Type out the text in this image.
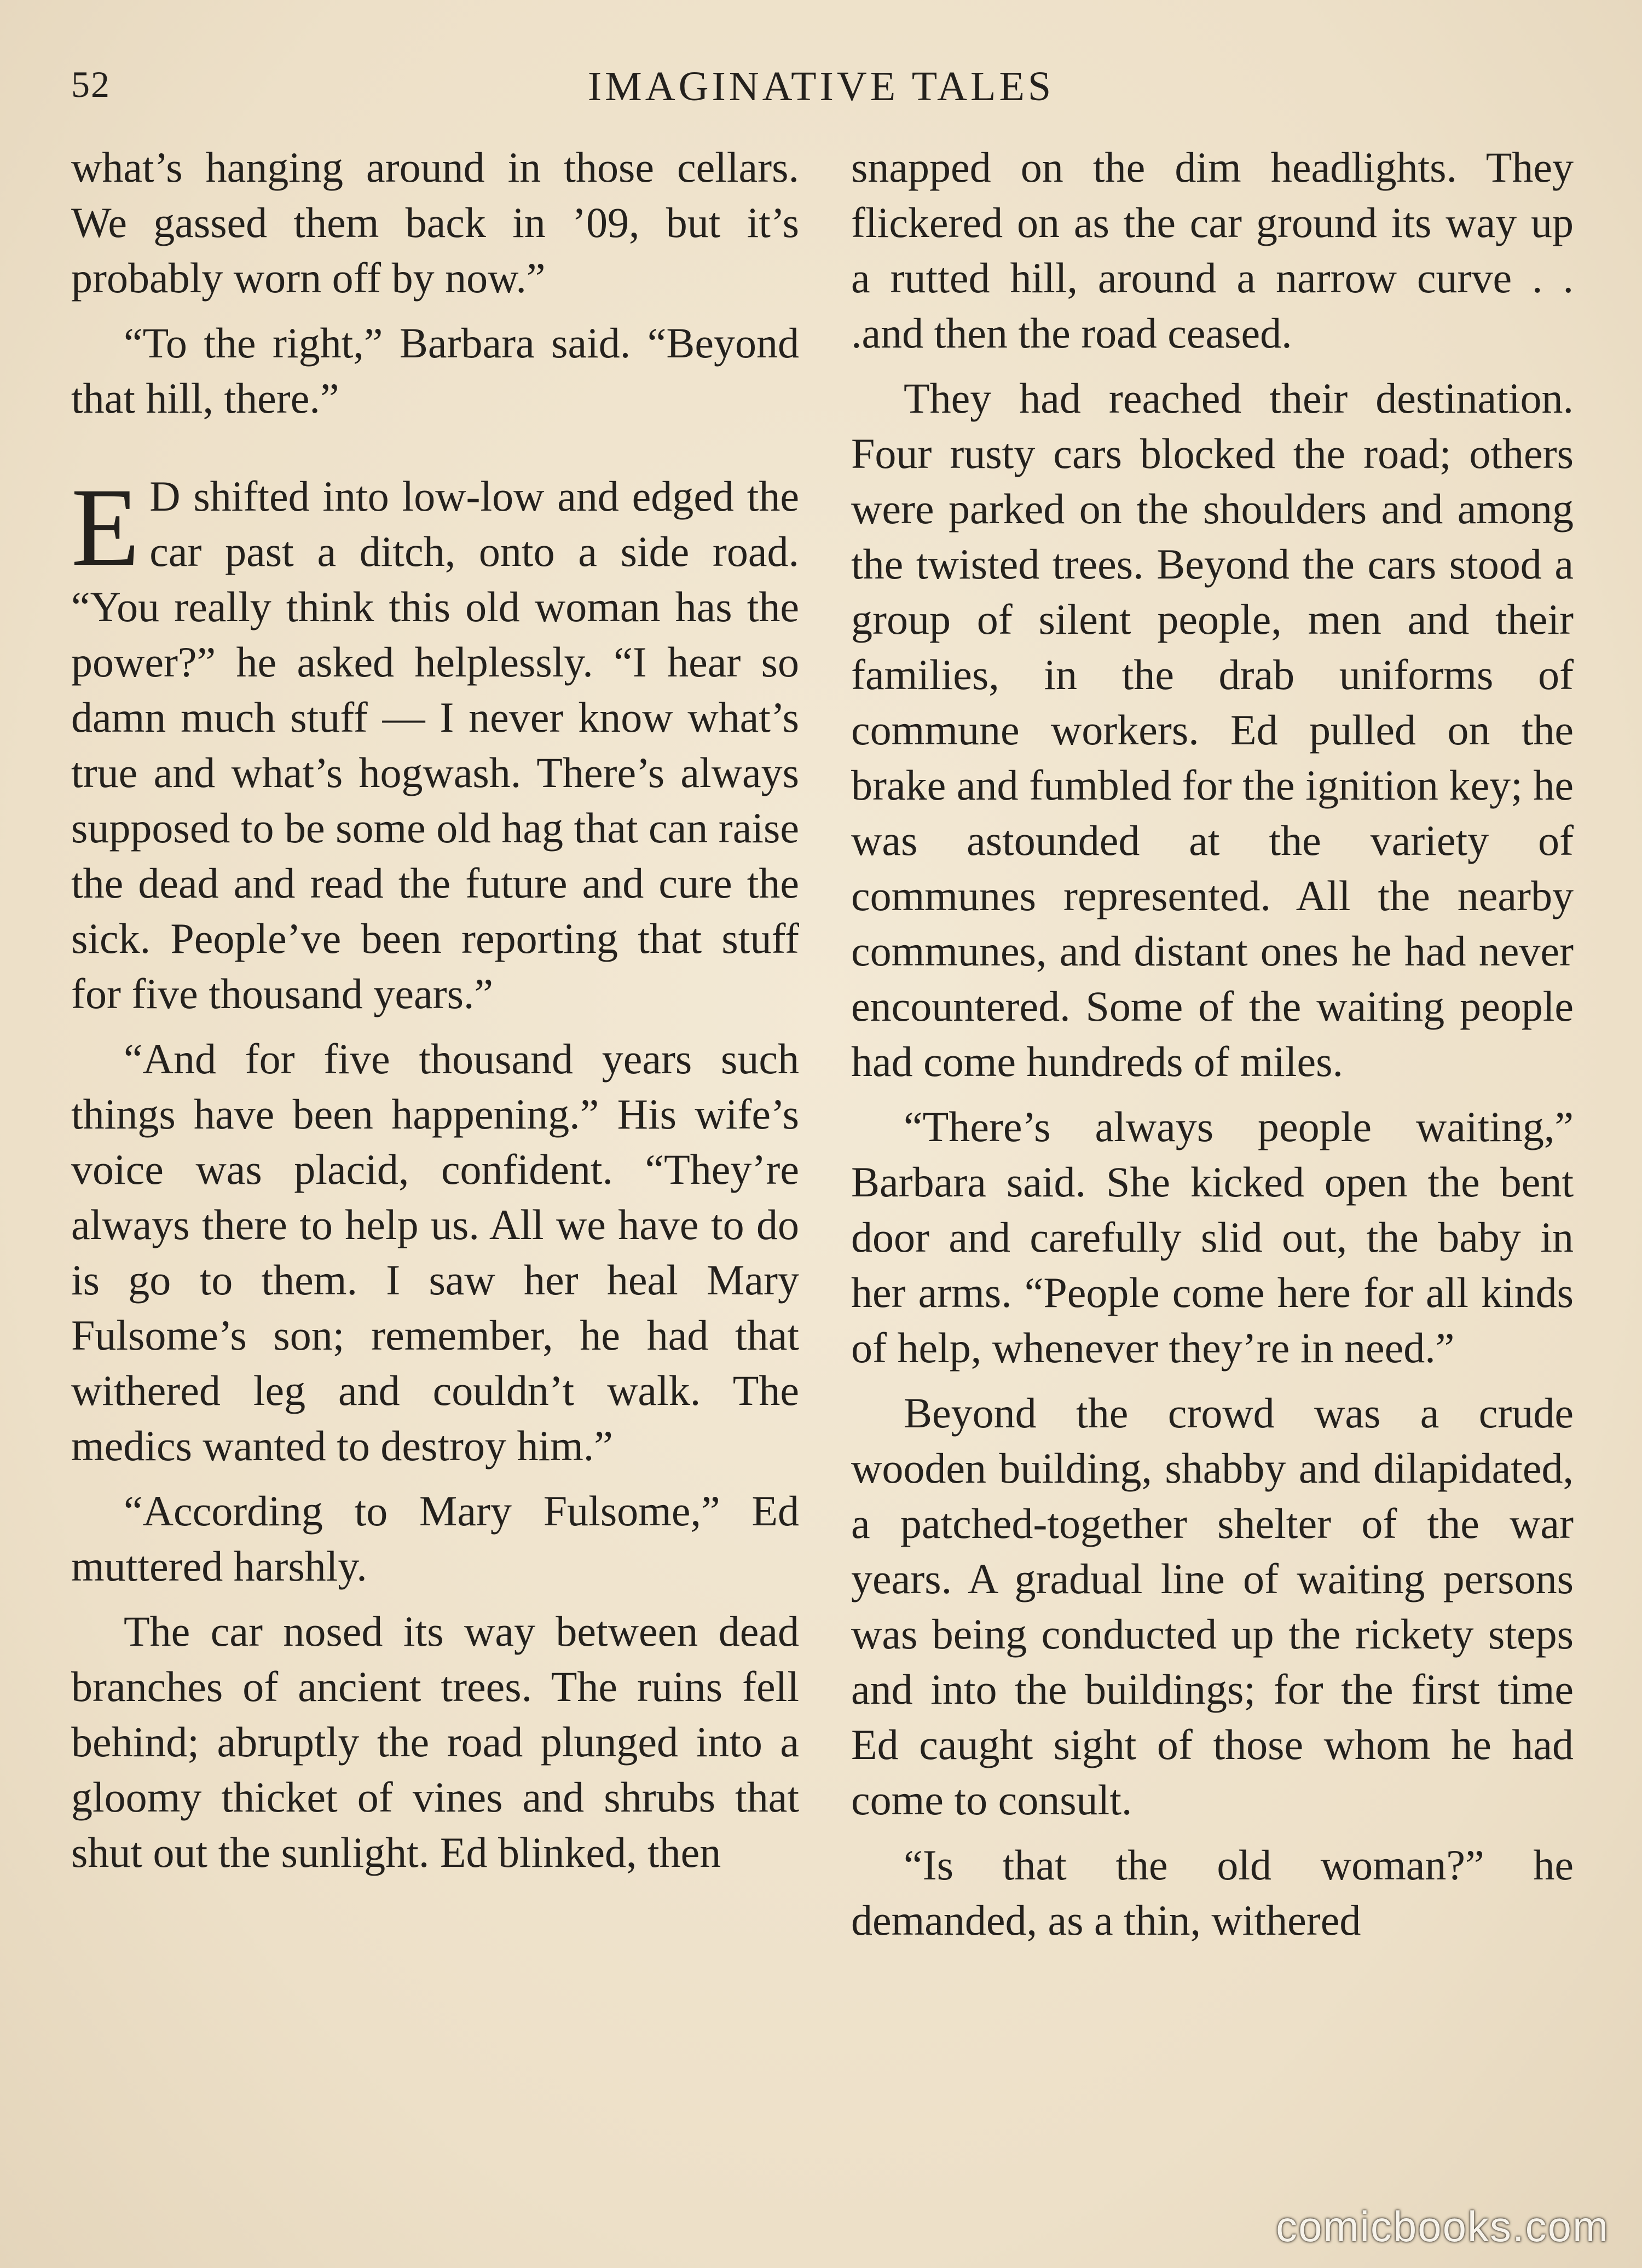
52	IMAGINATIVE TALES

what’s hanging around in those cellars. We gassed them back in ’09, but it’s probably worn off by now.”

“To the right,” Barbara said. “Beyond that hill, there.”

E D shifted into low-low and edged the car past a ditch, onto a side road. “You really think this old woman has the power?” he asked helplessly. “I hear so damn much stuff — I never know what’s true and what’s hogwash. There’s always supposed to be some old hag that can raise the dead and read the future and cure the sick. People’ve been reporting that stuff for five thousand years.”

“And for five thousand years such things have been happening.” His wife’s voice was placid, confident. “They’re always there to help us. All we have to do is go to them. I saw her heal Mary Fulsome’s son; remember, he had that withered leg and couldn’t walk. The medics wanted to destroy him.”

“According to Mary Fulsome,” Ed muttered harshly.

The car nosed its way between dead branches of ancient trees. The ruins fell behind; abruptly the road plunged into a gloomy thicket of vines and shrubs that shut out the sunlight. Ed blinked, then

snapped on the dim headlights. They flickered on as the car ground its way up a rutted hill, around a narrow curve . . .and then the road ceased.

They had reached their destination. Four rusty cars blocked the road; others were parked on the shoulders and among the twisted trees. Beyond the cars stood a group of silent people, men and their families, in the drab uniforms of commune workers. Ed pulled on the brake and fumbled for the ignition key; he was astounded at the variety of communes represented. All the nearby communes, and distant ones he had never encountered. Some of the waiting people had come hundreds of miles.

“There’s always people waiting,” Barbara said. She kicked open the bent door and carefully slid out, the baby in her arms. “People come here for all kinds of help, whenever they’re in need.”

Beyond the crowd was a crude wooden building, shabby and dilapidated, a patched-together shelter of the war years. A gradual line of waiting persons was being conducted up the rickety steps and into the buildings; for the first time Ed caught sight of those whom he had come to consult.

“Is that the old woman?” he demanded, as a thin, withered

comicbooks.com
